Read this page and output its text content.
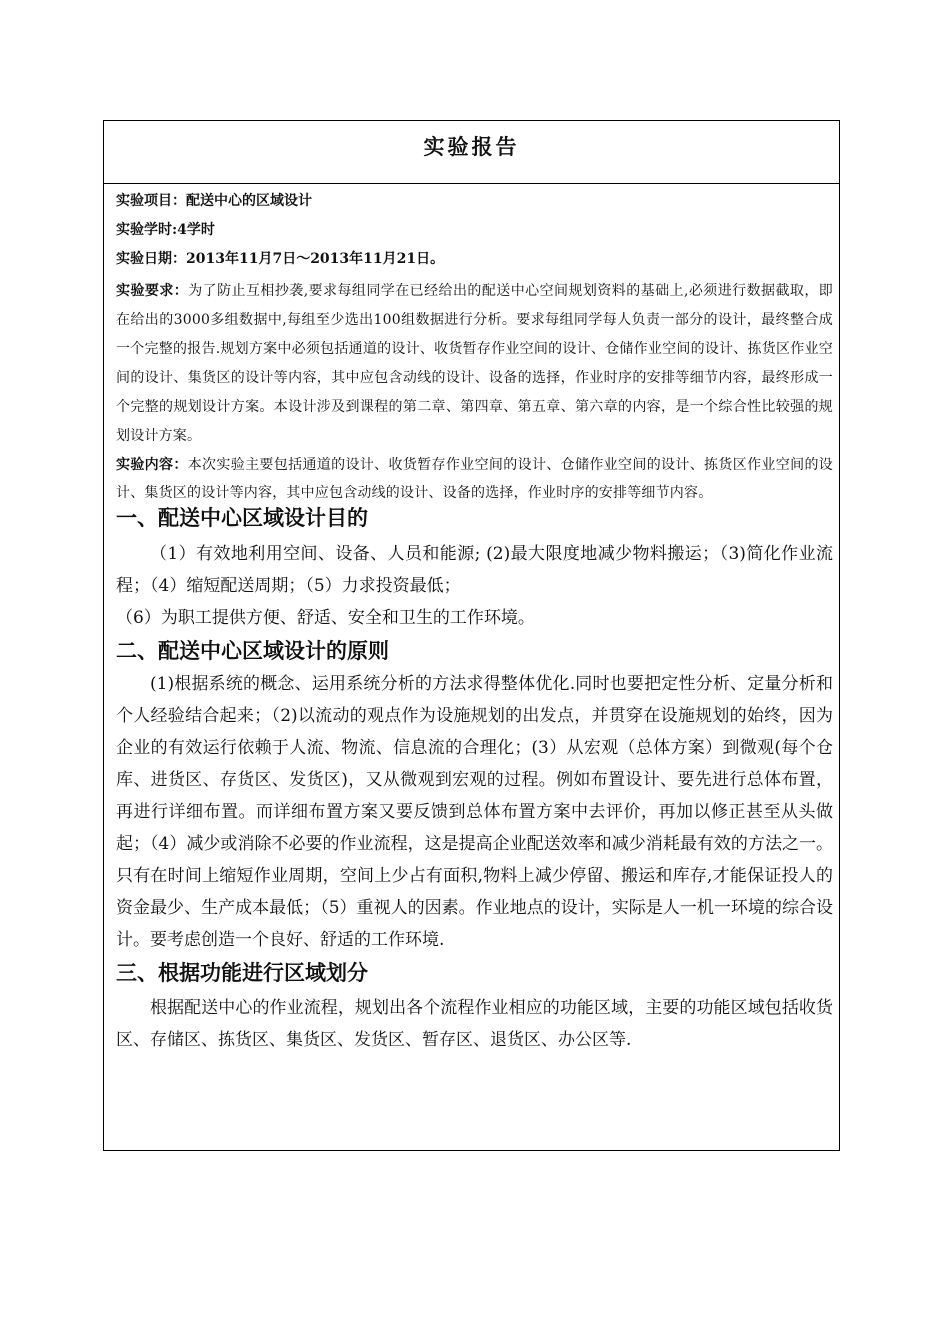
实验报告
实验项目：配送中心的区域设计
实验学时:4学时
实验日期：2013年11月7日～2013年11月21日。

实验要求：为了防止互相抄袭,要求每组同学在已经给出的配送中心空间规划资料的基础上,必须进行数据截取，即在给出的3000多组数据中,每组至少选出100组数据进行分析。要求每组同学每人负责一部分的设计，最终整合成一个完整的报告.规划方案中必须包括通道的设计、收货暂存作业空间的设计、仓储作业空间的设计、拣货区作业空间的设计、集货区的设计等内容，其中应包含动线的设计、设备的选择，作业时序的安排等细节内容，最终形成一个完整的规划设计方案。本设计涉及到课程的第二章、第四章、第五章、第六章的内容，是一个综合性比较强的规划设计方案。

实验内容：本次实验主要包括通道的设计、收货暂存作业空间的设计、仓储作业空间的设计、拣货区作业空间的设计、集货区的设计等内容，其中应包含动线的设计、设备的选择，作业时序的安排等细节内容。

一、配送中心区域设计目的

（1）有效地利用空间、设备、人员和能源; (2)最大限度地减少物料搬运；（3)简化作业流程；（4）缩短配送周期；（5）力求投资最低；

（6）为职工提供方便、舒适、安全和卫生的工作环境。

二、配送中心区域设计的原则

(1)根据系统的概念、运用系统分析的方法求得整体优化.同时也要把定性分析、定量分析和个人经验结合起来；（2)以流动的观点作为设施规划的出发点，并贯穿在设施规划的始终，因为企业的有效运行依赖于人流、物流、信息流的合理化；(3）从宏观（总体方案）到微观(每个仓库、进货区、存货区、发货区)，又从微观到宏观的过程。例如布置设计、要先进行总体布置，再进行详细布置。而详细布置方案又要反馈到总体布置方案中去评价，再加以修正甚至从头做起；（4）减少或消除不必要的作业流程，这是提高企业配送效率和减少消耗最有效的方法之一。只有在时间上缩短作业周期，空间上少占有面积,物料上减少停留、搬运和库存,才能保证投人的资金最少、生产成本最低；（5）重视人的因素。作业地点的设计，实际是人一机一环境的综合设计。要考虑创造一个良好、舒适的工作环境.

三、根据功能进行区域划分

根据配送中心的作业流程，规划出各个流程作业相应的功能区域，主要的功能区域包括收货区、存储区、拣货区、集货区、发货区、暂存区、退货区、办公区等.
